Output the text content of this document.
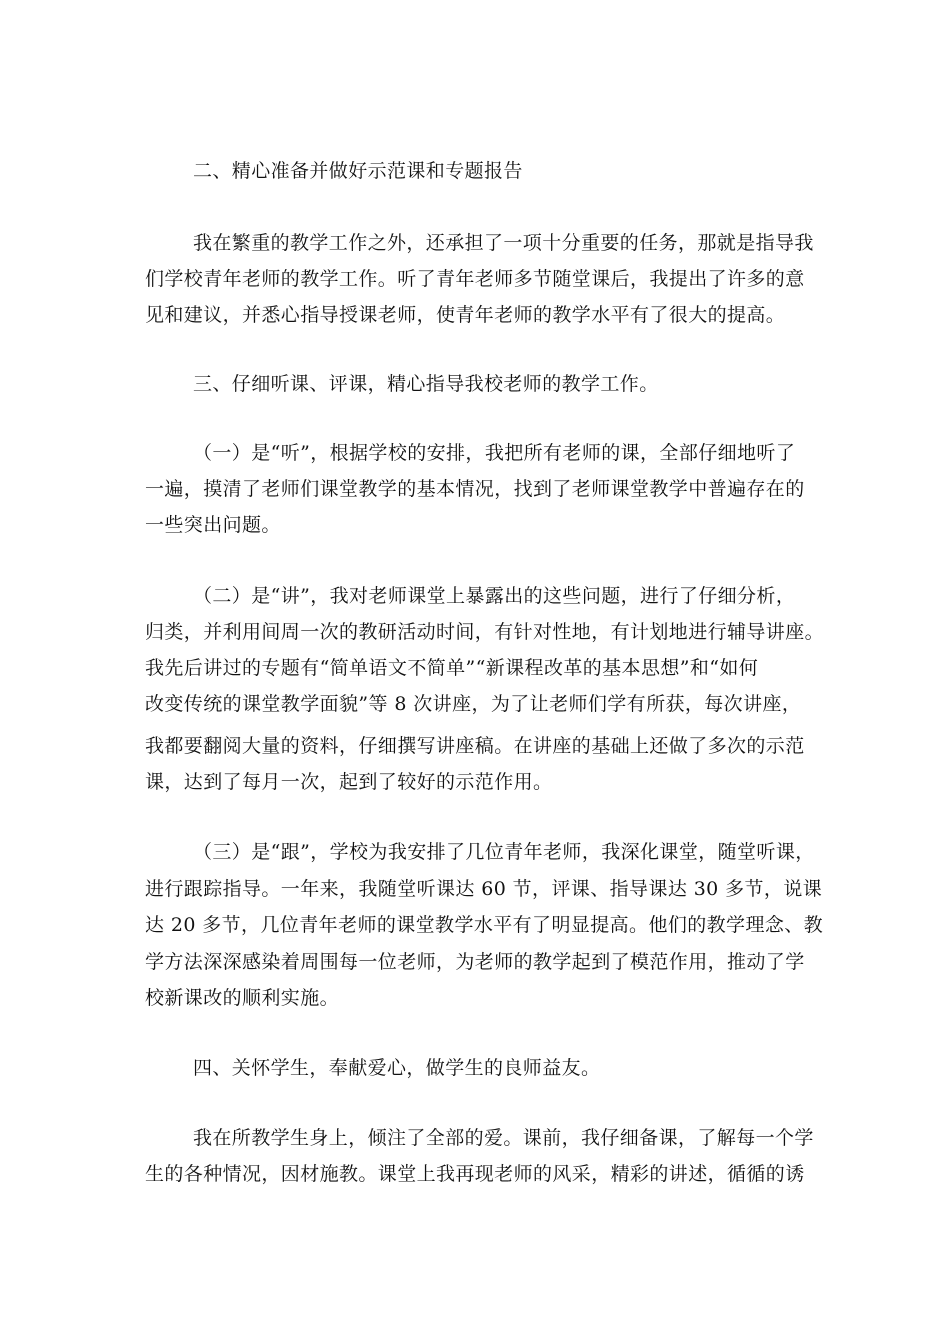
二、精心准备并做好示范课和专题报告
我在繁重的教学工作之外，还承担了一项十分重要的任务，那就是指导我
们学校青年老师的教学工作。听了青年老师多节随堂课后，我提出了许多的意
见和建议，并悉心指导授课老师，使青年老师的教学水平有了很大的提高。
三、仔细听课、评课，精心指导我校老师的教学工作。
（一）是“听”，根据学校的安排，我把所有老师的课，全部仔细地听了
一遍，摸清了老师们课堂教学的基本情况，找到了老师课堂教学中普遍存在的
一些突出问题。
（二）是“讲”，我对老师课堂上暴露出的这些问题，进行了仔细分析，
归类，并利用间周一次的教研活动时间，有针对性地，有计划地进行辅导讲座。
我先后讲过的专题有“简单语文不简单”“新课程改革的基本思想”和“如何
改变传统的课堂教学面貌”等 8 次讲座，为了让老师们学有所获，每次讲座，
我都要翻阅大量的资料，仔细撰写讲座稿。在讲座的基础上还做了多次的示范
课，达到了每月一次，起到了较好的示范作用。
（三）是“跟”，学校为我安排了几位青年老师，我深化课堂，随堂听课，
进行跟踪指导。一年来，我随堂听课达 60 节，评课、指导课达 30 多节，说课
达 20 多节，几位青年老师的课堂教学水平有了明显提高。他们的教学理念、教
学方法深深感染着周围每一位老师，为老师的教学起到了模范作用，推动了学
校新课改的顺利实施。
四、关怀学生，奉献爱心，做学生的良师益友。
我在所教学生身上，倾注了全部的爱。课前，我仔细备课，了解每一个学
生的各种情况，因材施教。课堂上我再现老师的风采，精彩的讲述，循循的诱
